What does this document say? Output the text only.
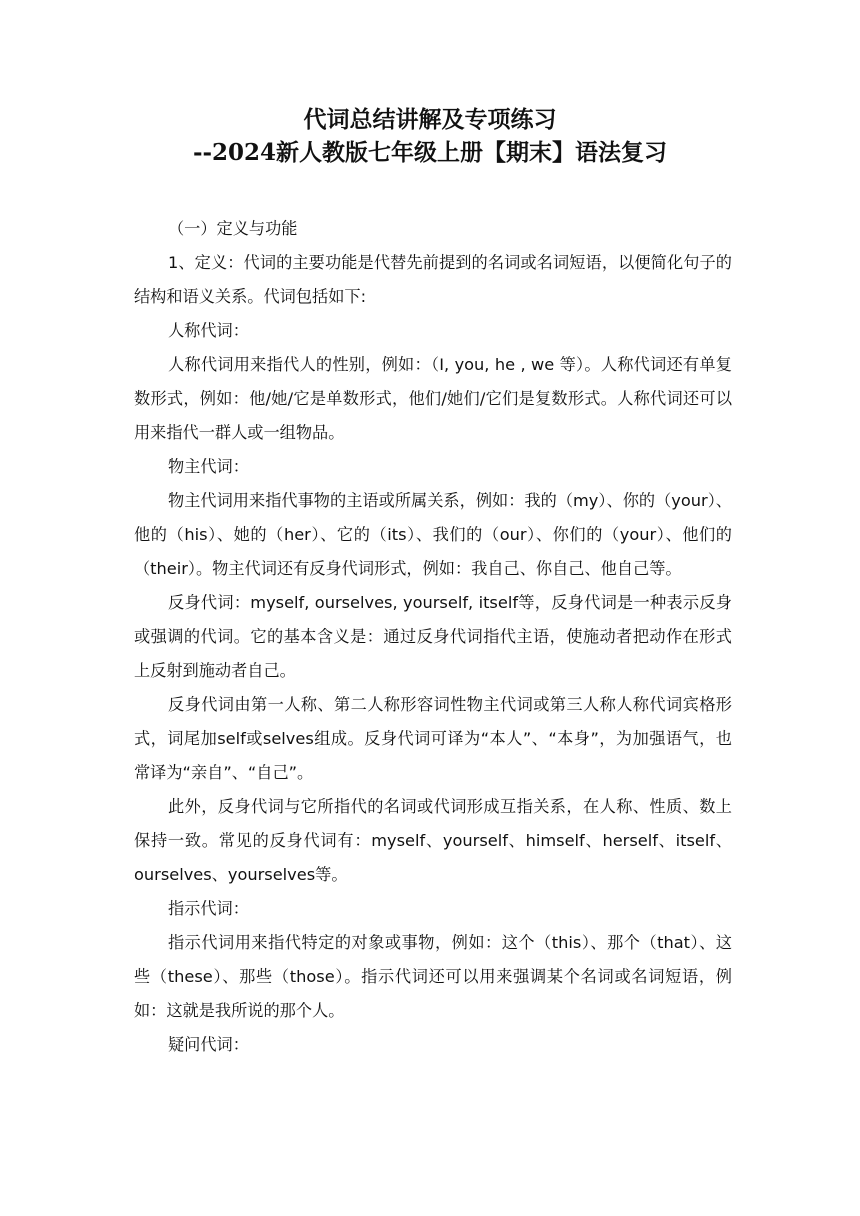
代词总结讲解及专项练习
--2024新人教版七年级上册【期末】语法复习

（一）定义与功能

1、定义：代词的主要功能是代替先前提到的名词或名词短语，以便简化句子的结构和语义关系。代词包括如下:

人称代词：

人称代词用来指代人的性别，例如：（I, you, he , we 等）。人称代词还有单复数形式，例如：他/她/它是单数形式，他们/她们/它们是复数形式。人称代词还可以用来指代一群人或一组物品。

物主代词：

物主代词用来指代事物的主语或所属关系，例如：我的（my）、你的（your）、他的（his）、她的（her）、它的（its）、我们的（our）、你们的（your）、他们的（their）。物主代词还有反身代词形式，例如：我自己、你自己、他自己等。

反身代词：myself, ourselves, yourself, itself等，反身代词是一种表示反身或强调的代词。它的基本含义是：通过反身代词指代主语，使施动者把动作在形式上反射到施动者自己。

反身代词由第一人称、第二人称形容词性物主代词或第三人称人称代词宾格形式，词尾加self或selves组成。反身代词可译为“本人”、“本身”，为加强语气，也常译为“亲自”、“自己”。

此外，反身代词与它所指代的名词或代词形成互指关系，在人称、性质、数上保持一致。常见的反身代词有：myself、yourself、himself、herself、itself、ourselves、yourselves等。

指示代词：

指示代词用来指代特定的对象或事物，例如：这个（this）、那个（that）、这些（these）、那些（those）。指示代词还可以用来强调某个名词或名词短语，例如：这就是我所说的那个人。

疑问代词：
